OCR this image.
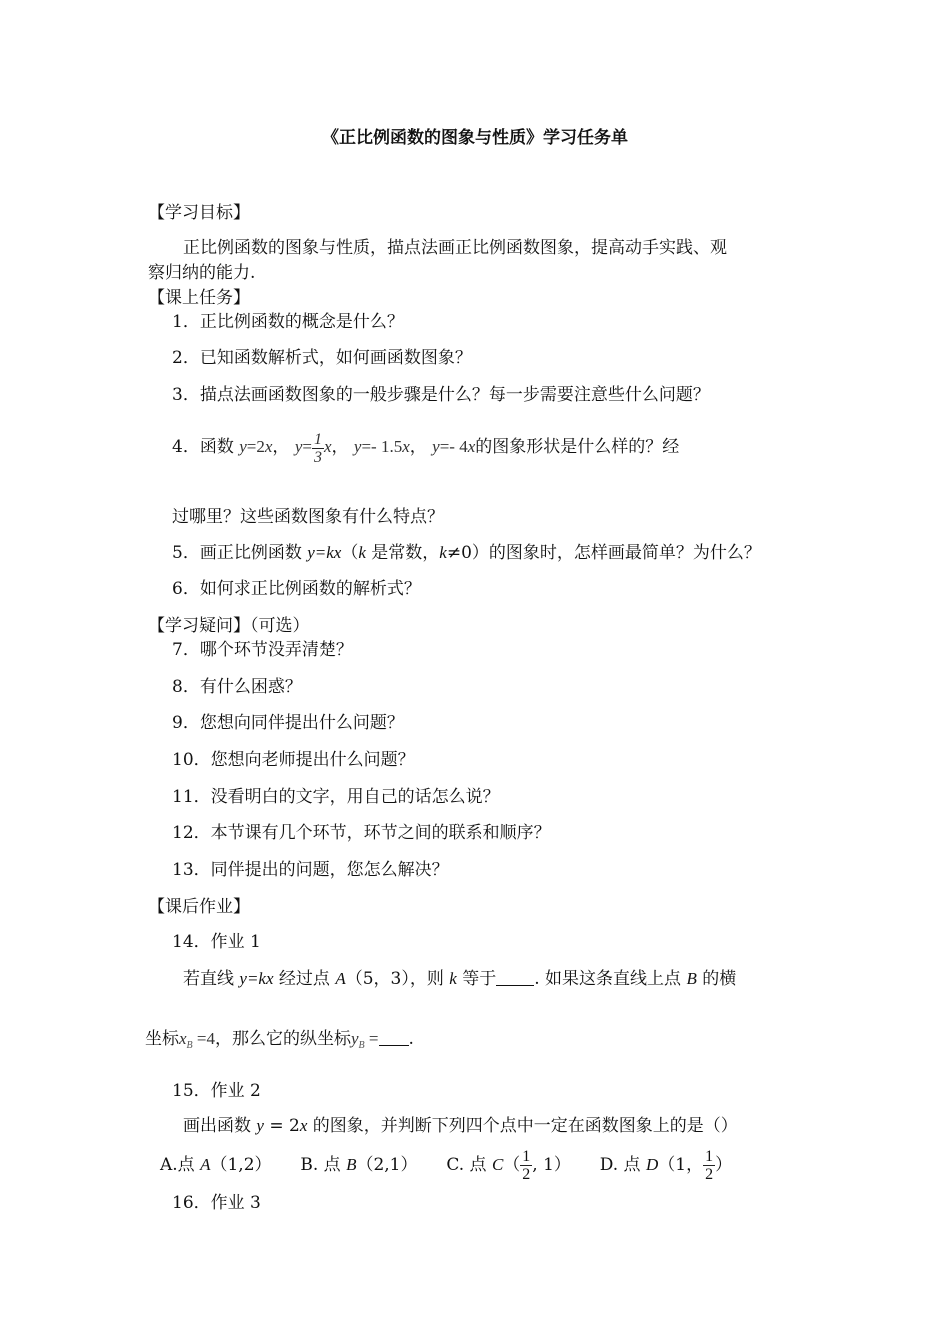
《正比例函数的图象与性质》学习任务单
【学习目标】
正比例函数的图象与性质，描点法画正比例函数图象，提高动手实践、观
察归纳的能力.
【课上任务】
1．正比例函数的概念是什么？
2．已知函数解析式，如何画函数图象？
3．描点法画函数图象的一般步骤是什么？每一步需要注意些什么问题？
4．函数 y=2x， $y= \frac{1}{3}$ x， y=- 1.5x， y=- 4x的图象形状是什么样的？经
过哪里？这些函数图象有什么特点？
5．画正比例函数 y=kx（k 是常数，k≠0）的图象时，怎样画最简单？为什么？
6．如何求正比例函数的解析式？
【学习疑问】（可选）
7．哪个环节没弄清楚？
8．有什么困惑？
9．您想向同伴提出什么问题？
10．您想向老师提出什么问题？
11．没看明白的文字，用自己的话怎么说？
12．本节课有几个环节，环节之间的联系和顺序？
13．同伴提出的问题，您怎么解决？
【课后作业】
14．作业 1
若直线 y=kx 经过点 A（5，3），则 k 等于 . 如果这条直线上点 B 的横
坐标$x_B =4$，那么它的纵坐标$y_B$ = .
15．作业 2
画出函数 y = 2x 的图象，并判断下列四个点中一定在函数图象上的是（）
A.点 A（1,2） B. 点 B（2,1） C. 点 $C( \frac{1}{2}$ , 1） D. 点 D（1， $\frac{1}{2}$ ）
16．作业 3
